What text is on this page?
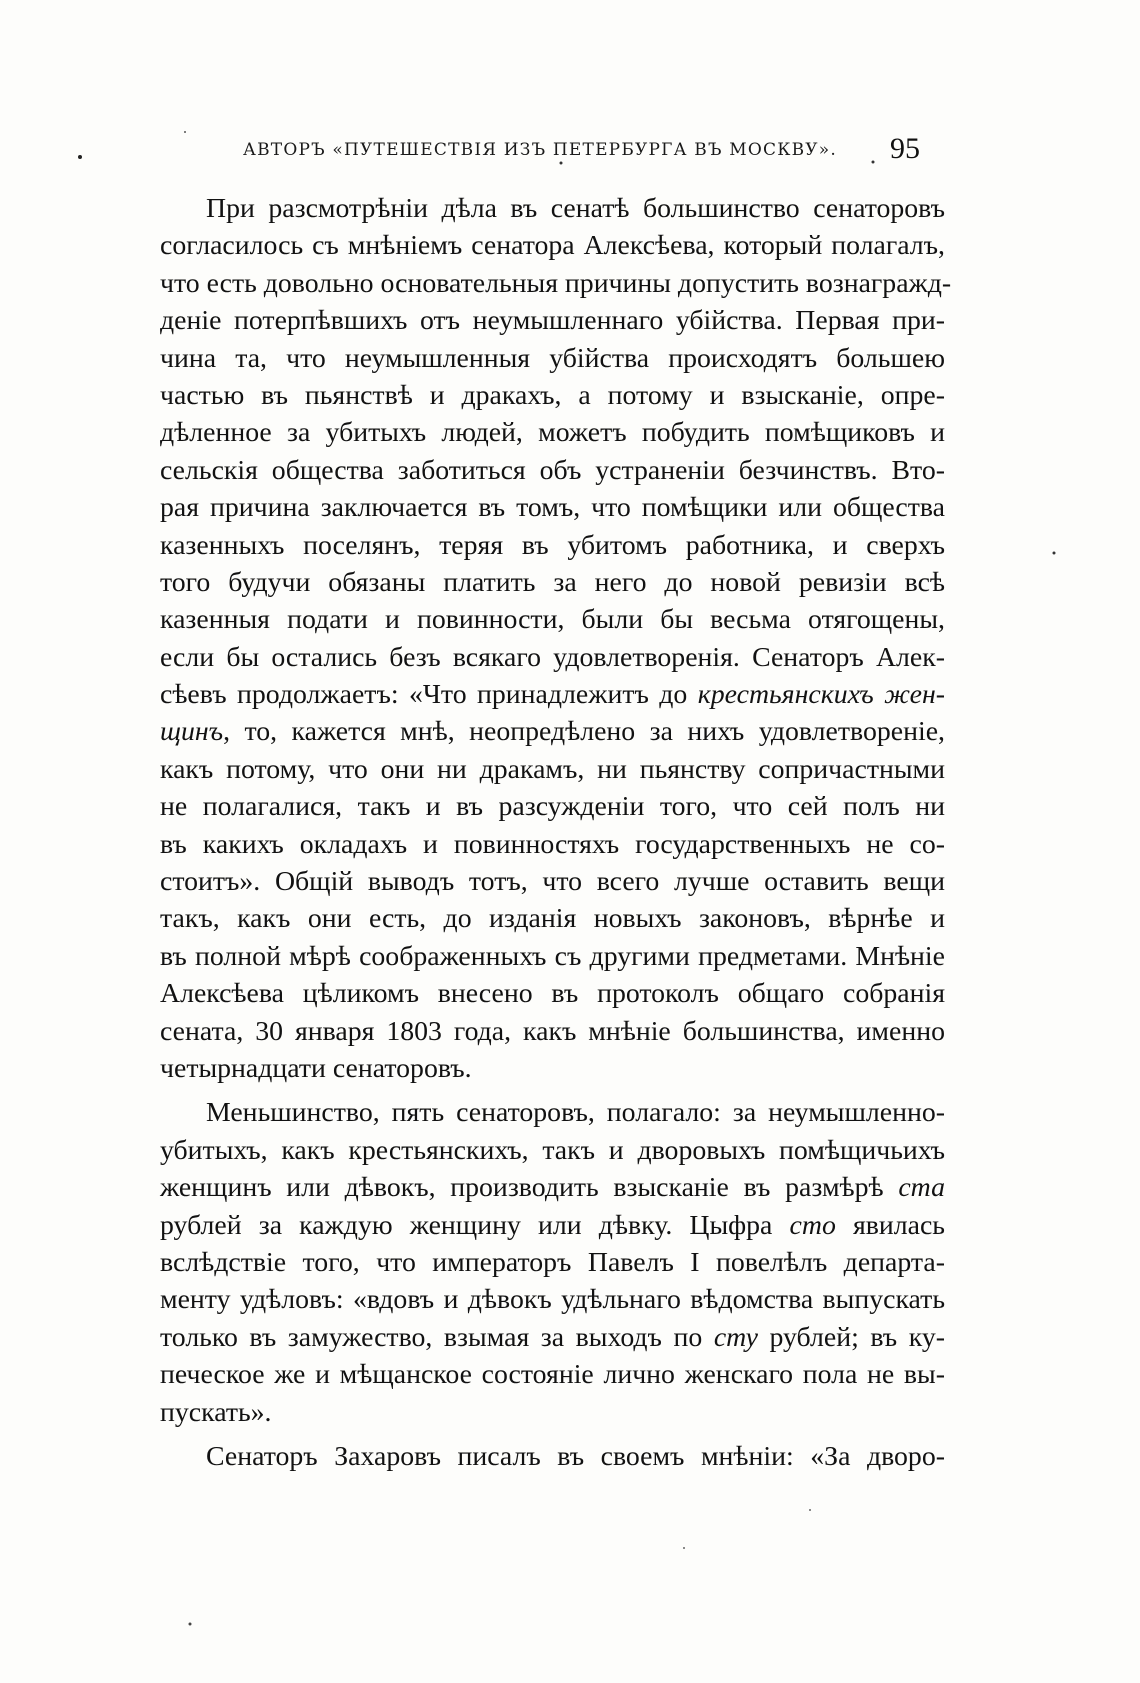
АВТОРЪ «ПУТЕШЕСТВІЯ ИЗЪ ПЕТЕРБУРГА ВЪ МОСКВУ». 95
При разсмотрѣніи дѣла въ сенатѣ большинство сенаторовъ
согласилось съ мнѣніемъ сенатора Алексѣева, который полагалъ,
что есть довольно основательныя причины допустить вознагражд-
деніе потерпѣвшихъ отъ неумышленнаго убійства. Первая при-
чина та, что неумышленныя убійства происходятъ большею
частью въ пьянствѣ и дракахъ, а потому и взысканіе, опре-
дѣленное за убитыхъ людей, можетъ побудить помѣщиковъ и
сельскія общества заботиться объ устраненіи безчинствъ. Вто-
рая причина заключается въ томъ, что помѣщики или общества
казенныхъ поселянъ, теряя въ убитомъ работника, и сверхъ
того будучи обязаны платить за него до новой ревизіи всѣ
казенныя подати и повинности, были бы весьма отягощены,
если бы остались безъ всякаго удовлетворенія. Сенаторъ Алек-
сѣевъ продолжаетъ: «Что принадлежитъ до крестьянскихъ жен-
щинъ, то, кажется мнѣ, неопредѣлено за нихъ удовлетвореніе,
какъ потому, что они ни дракамъ, ни пьянству сопричастными
не полагалися, такъ и въ разсужденіи того, что сей полъ ни
въ какихъ окладахъ и повинностяхъ государственныхъ не со-
стоитъ». Общій выводъ тотъ, что всего лучше оставить вещи
такъ, какъ они есть, до изданія новыхъ законовъ, вѣрнѣе и
въ полной мѣрѣ соображенныхъ съ другими предметами. Мнѣніе
Алексѣева цѣликомъ внесено въ протоколъ общаго собранія
сената, 30 января 1803 года, какъ мнѣніе большинства, именно
четырнадцати сенаторовъ.
Меньшинство, пять сенаторовъ, полагало: за неумышленно-
убитыхъ, какъ крестьянскихъ, такъ и дворовыхъ помѣщичьихъ
женщинъ или дѣвокъ, производить взысканіе въ размѣрѣ ста
рублей за каждую женщину или дѣвку. Цыфра сто явилась
вслѣдствіе того, что императоръ Павелъ I повелѣлъ департа-
менту удѣловъ: «вдовъ и дѣвокъ удѣльнаго вѣдомства выпускать
только въ замужество, взымая за выходъ по сту рублей; въ ку-
печеское же и мѣщанское состояніе лично женскаго пола не вы-
пускать».
Сенаторъ Захаровъ писалъ въ своемъ мнѣніи: «За дворо-
